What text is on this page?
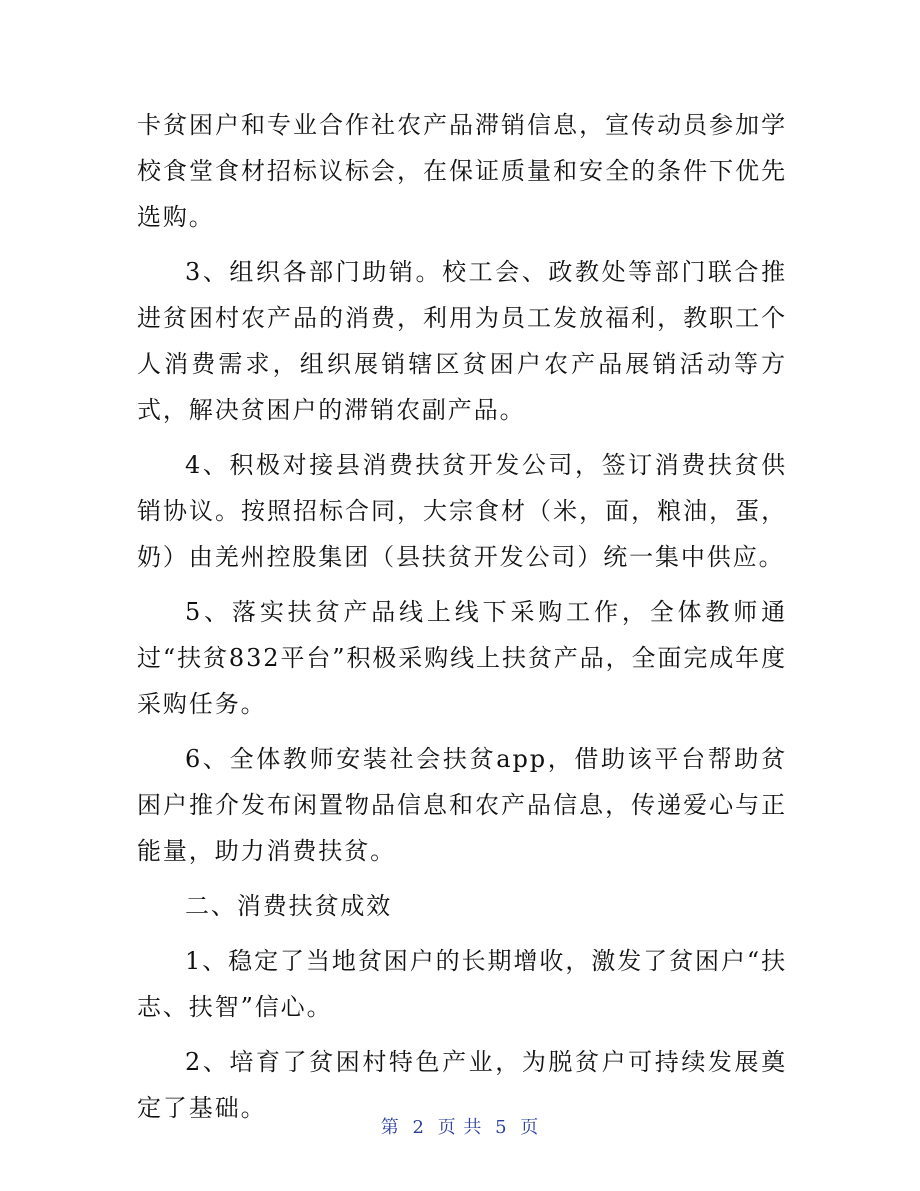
卡贫困户和专业合作社农产品滞销信息，宣传动员参加学校食堂食材招标议标会，在保证质量和安全的条件下优先选购。

3、组织各部门助销。校工会、政教处等部门联合推进贫困村农产品的消费，利用为员工发放福利，教职工个人消费需求，组织展销辖区贫困户农产品展销活动等方式，解决贫困户的滞销农副产品。

4、积极对接县消费扶贫开发公司，签订消费扶贫供销协议。按照招标合同，大宗食材（米，面，粮油，蛋，奶）由羌州控股集团（县扶贫开发公司）统一集中供应。

5、落实扶贫产品线上线下采购工作，全体教师通过“扶贫832平台”积极采购线上扶贫产品，全面完成年度采购任务。

6、全体教师安装社会扶贫app，借助该平台帮助贫困户推介发布闲置物品信息和农产品信息，传递爱心与正能量，助力消费扶贫。

二、消费扶贫成效

1、稳定了当地贫困户的长期增收，激发了贫困户“扶志、扶智”信心。

2、培育了贫困村特色产业，为脱贫户可持续发展奠定了基础。

第 2 页 共 5 页
